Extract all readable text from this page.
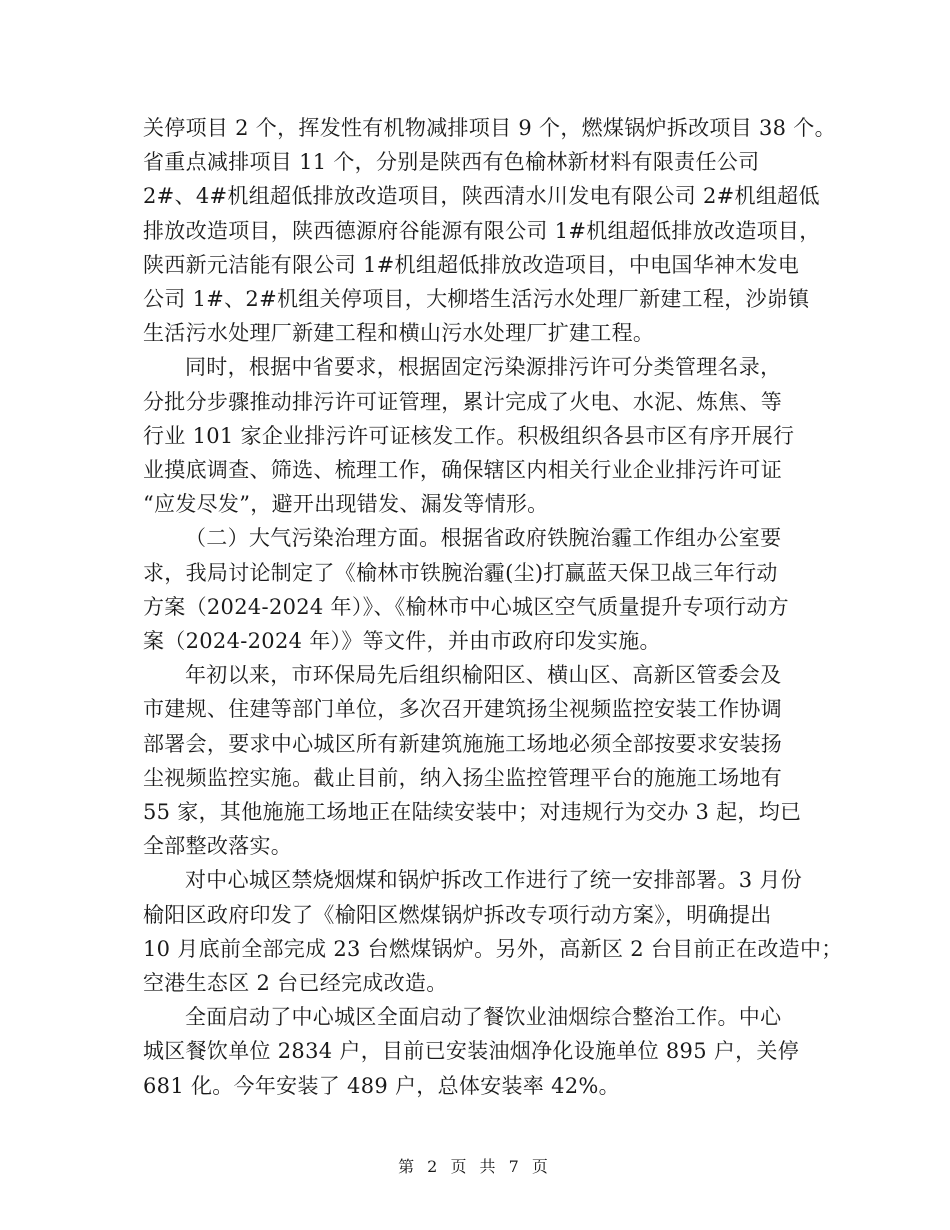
关停项目 2 个，挥发性有机物减排项目 9 个，燃煤锅炉拆改项目 38 个。
省重点减排项目 11 个，分别是陕西有色榆林新材料有限责任公司
2#、4#机组超低排放改造项目，陕西清水川发电有限公司 2#机组超低
排放改造项目，陕西德源府谷能源有限公司 1#机组超低排放改造项目，
陕西新元洁能有限公司 1#机组超低排放改造项目，中电国华神木发电
公司 1#、2#机组关停项目，大柳塔生活污水处理厂新建工程，沙峁镇
生活污水处理厂新建工程和横山污水处理厂扩建工程。
同时，根据中省要求，根据固定污染源排污许可分类管理名录，
分批分步骤推动排污许可证管理，累计完成了火电、水泥、炼焦、等
行业 101 家企业排污许可证核发工作。积极组织各县市区有序开展行
业摸底调查、筛选、梳理工作，确保辖区内相关行业企业排污许可证
“应发尽发”，避开出现错发、漏发等情形。
（二）大气污染治理方面。根据省政府铁腕治霾工作组办公室要
求，我局讨论制定了《榆林市铁腕治霾(尘)打赢蓝天保卫战三年行动
方案（2024-2024 年）》、《榆林市中心城区空气质量提升专项行动方
案（2024-2024 年）》等文件，并由市政府印发实施。
年初以来，市环保局先后组织榆阳区、横山区、高新区管委会及
市建规、住建等部门单位，多次召开建筑扬尘视频监控安装工作协调
部署会，要求中心城区所有新建筑施施工场地必须全部按要求安装扬
尘视频监控实施。截止目前，纳入扬尘监控管理平台的施施工场地有
55 家，其他施施工场地正在陆续安装中；对违规行为交办 3 起，均已
全部整改落实。
对中心城区禁烧烟煤和锅炉拆改工作进行了统一安排部署。3 月份
榆阳区政府印发了《榆阳区燃煤锅炉拆改专项行动方案》，明确提出
10 月底前全部完成 23 台燃煤锅炉。另外，高新区 2 台目前正在改造中；
空港生态区 2 台已经完成改造。
全面启动了中心城区全面启动了餐饮业油烟综合整治工作。中心
城区餐饮单位 2834 户，目前已安装油烟净化设施单位 895 户，关停
681 化。今年安装了 489 户，总体安装率 42%。
第 2 页 共 7 页
